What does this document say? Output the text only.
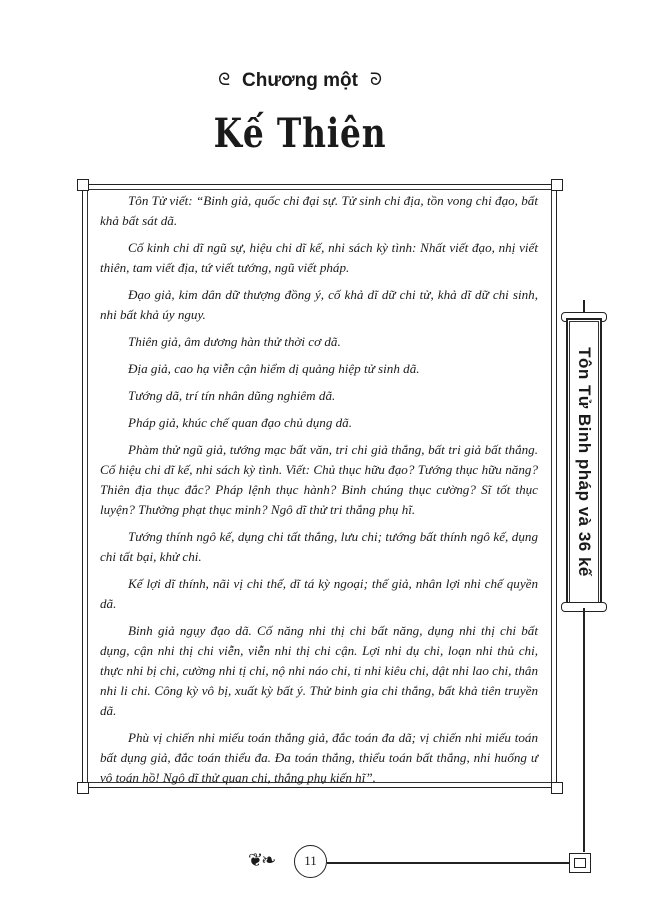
ᘓ Chương một ᘐ
Kế Thiên

Tôn Tử viết: “Binh giả, quốc chi đại sự. Tử sinh chi địa, tồn vong chi đạo, bất khả bất sát dã.

Cố kinh chi dĩ ngũ sự, hiệu chi dĩ kế, nhi sách kỳ tình: Nhất viết đạo, nhị viết thiên, tam viết địa, tứ viết tướng, ngũ viết pháp.

Đạo giả, kim dân dữ thượng đồng ý, cố khả dĩ dữ chi tử, khả dĩ dữ chi sinh, nhi bất khả úy nguy.

Thiên giả, âm dương hàn thử thời cơ dã.

Địa giả, cao hạ viễn cận hiểm dị quảng hiệp tử sinh dã.

Tướng dã, trí tín nhân dũng nghiêm dã.

Pháp giả, khúc chế quan đạo chủ dụng dã.

Phàm thử ngũ giả, tướng mạc bất văn, tri chi giả thắng, bất tri giả bất thắng. Cố hiệu chi dĩ kế, nhi sách kỳ tình. Viết: Chủ thục hữu đạo? Tướng thục hữu năng? Thiên địa thục đắc? Pháp lệnh thục hành? Binh chúng thục cường? Sĩ tốt thục luyện? Thưởng phạt thục minh? Ngô dĩ thử tri thắng phụ hĩ.

Tướng thính ngô kế, dụng chi tất thắng, lưu chi; tướng bất thính ngô kế, dụng chi tất bại, khử chi.

Kế lợi dĩ thính, nãi vị chi thế, dĩ tá kỳ ngoại; thế giả, nhân lợi nhi chế quyền dã.

Binh giả ngụy đạo dã. Cố năng nhi thị chi bất năng, dụng nhi thị chi bất dụng, cận nhi thị chi viễn, viễn nhi thị chi cận. Lợi nhi dụ chi, loạn nhi thủ chi, thực nhi bị chi, cường nhi tị chi, nộ nhi náo chi, ti nhi kiêu chi, dật nhi lao chi, thân nhi li chi. Công kỳ vô bị, xuất kỳ bất ý. Thử binh gia chi thắng, bất khả tiên truyền dã.

Phù vị chiến nhi miếu toán thắng giả, đắc toán đa dã; vị chiến nhi miếu toán bất dụng giả, đắc toán thiểu đa. Đa toán thắng, thiểu toán bất thắng, nhi huống ư vô toán hồ! Ngô dĩ thử quan chi, thắng phụ kiến hĩ”.

Tôn Tử Binh pháp và 36 kế
❦❧	11
